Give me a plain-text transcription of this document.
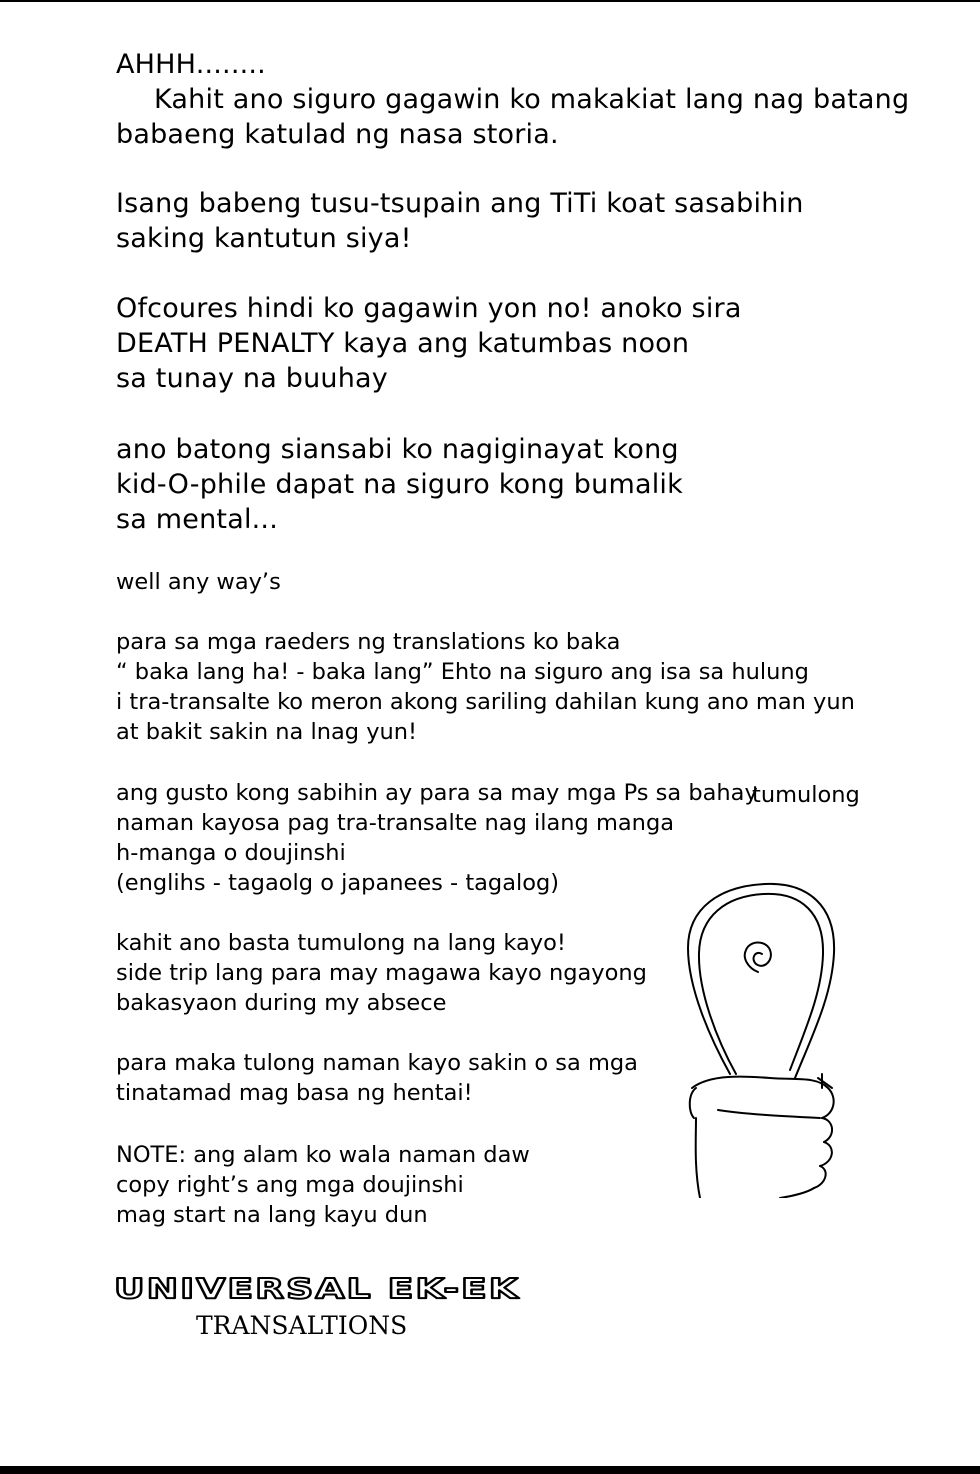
AHHH........
Kahit ano siguro gagawin ko makakiat lang nag batang
babaeng katulad ng nasa storia.
Isang babeng tusu-tsupain ang TiTi koat sasabihin
saking kantutun siya!
Ofcoures hindi ko gagawin yon no! anoko sira
DEATH PENALTY kaya ang katumbas noon
sa tunay na buuhay
ano batong siansabi ko nagiginayat kong
kid-O-phile dapat na siguro kong bumalik
sa mental...
well any way’s
para sa mga raeders ng translations ko baka
“ baka lang ha! - baka lang” Ehto na siguro ang isa sa hulung
i tra-transalte ko meron akong sariling dahilan kung ano man yun
at bakit sakin na lnag yun!
ang gusto kong sabihin ay para sa may mga Ps sa bahay
naman kayosa pag tra-transalte nag ilang manga
h-manga o doujinshi
(englihs - tagaolg o japanees - tagalog)
tumulong
kahit ano basta tumulong na lang kayo!
side trip lang para may magawa kayo ngayong
bakasyaon during my absece
para maka tulong naman kayo sakin o sa mga
tinatamad mag basa ng hentai!
NOTE: ang alam ko wala naman daw
copy right’s ang mga doujinshi
mag start na lang kayu dun
UNIVERSAL EK-EK
TRANSALTIONS
